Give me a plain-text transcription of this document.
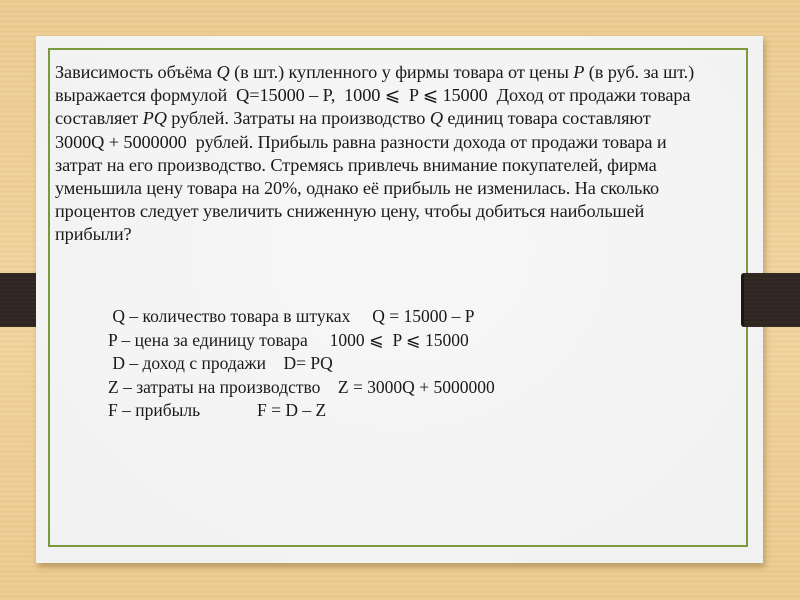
Зависимость объёма Q (в шт.) купленного у фирмы товара от цены P (в руб. за шт.)
выражается формулой  Q=15000 – P,  1000 ⩽  P ⩽ 15000  Доход от продажи товара
составляет PQ рублей. Затраты на производство Q единиц товара составляют
3000Q + 5000000  рублей. Прибыль равна разности дохода от продажи товара и
затрат на его производство. Стремясь привлечь внимание покупателей, фирма
уменьшила цену товара на 20%, однако её прибыль не изменилась. На сколько
процентов следует увеличить сниженную цену, чтобы добиться наибольшей
прибыли?
Q – количество товара в штуках     Q = 15000 – P
P – цена за единицу товара     1000 ⩽  P ⩽ 15000
D – доход с продажи    D= PQ
Z – затраты на производство    Z = 3000Q + 5000000
F – прибыль             F = D – Z
